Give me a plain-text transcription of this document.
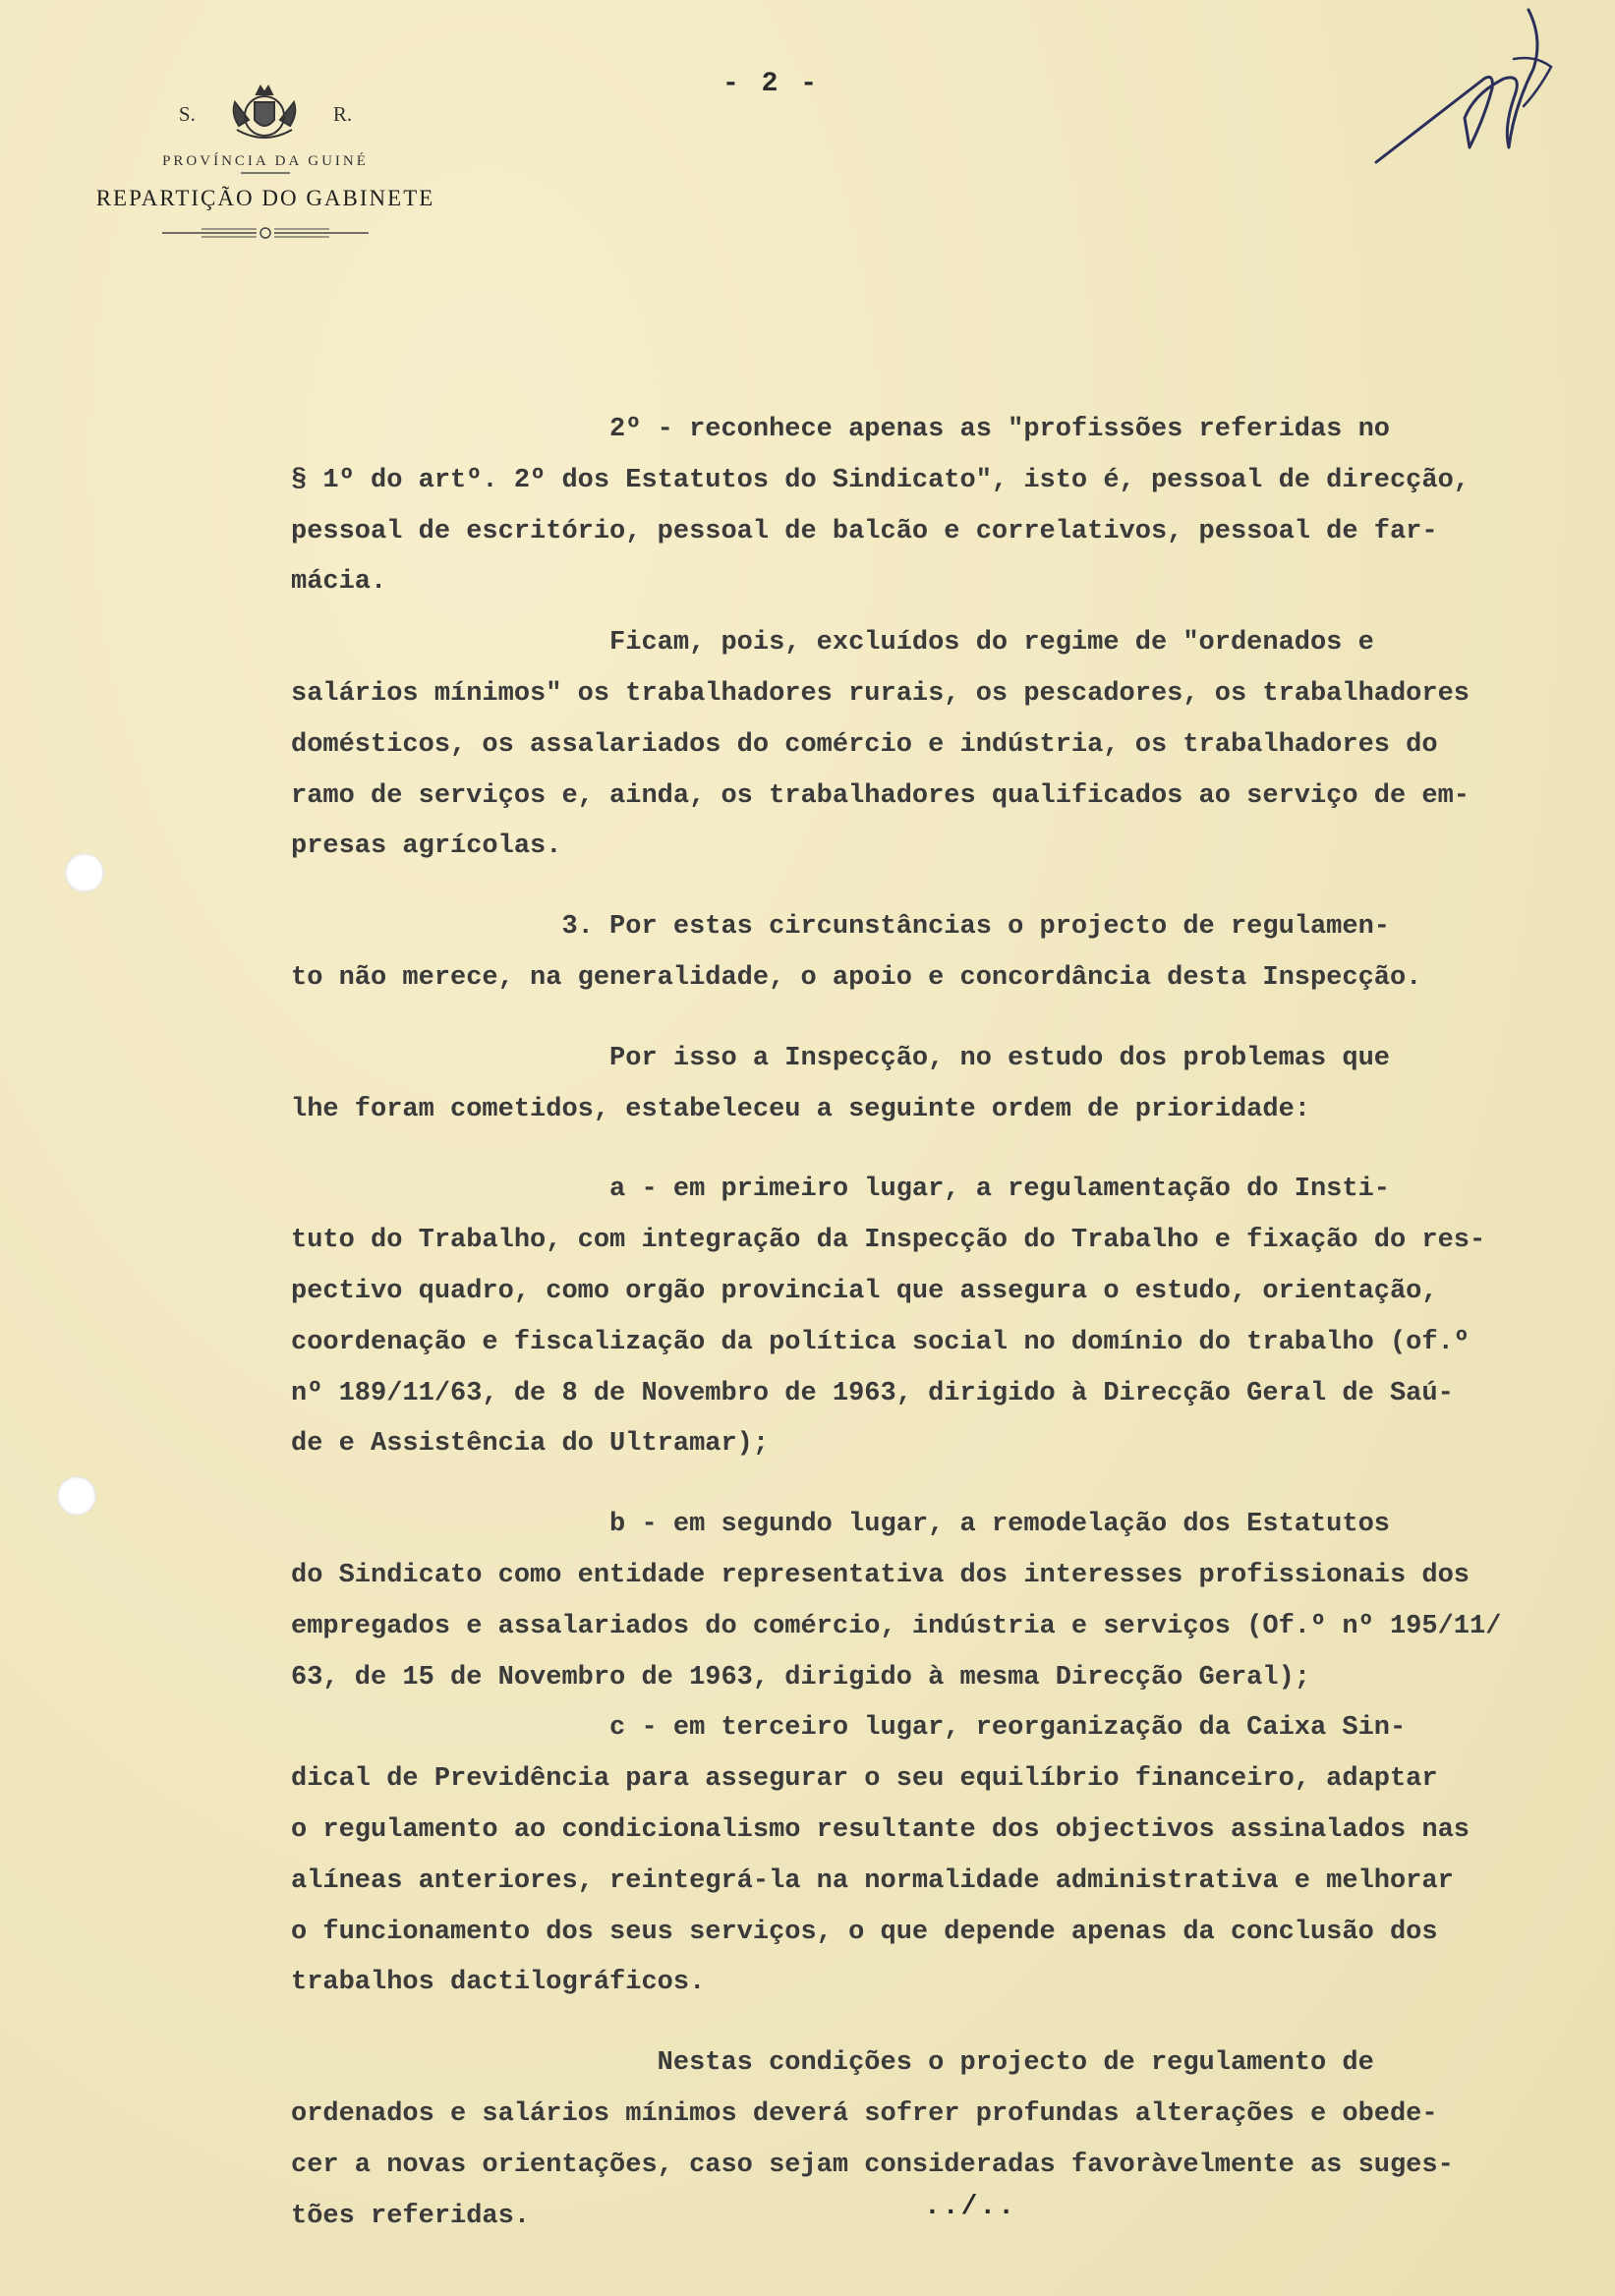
S.	R.
PROVÍNCIA DA GUINÉ
REPARTIÇÃO DO GABINETE
- 2 -
2º - reconhece apenas as "profissões referidas no
§ 1º do artº. 2º dos Estatutos do Sindicato", isto é, pessoal de direcção,
pessoal de escritório, pessoal de balcão e correlativos, pessoal de far-
mácia.
Ficam, pois, excluídos do regime de "ordenados e
salários mínimos" os trabalhadores rurais, os pescadores, os trabalhadores
domésticos, os assalariados do comércio e indústria, os trabalhadores do
ramo de serviços e, ainda, os trabalhadores qualificados ao serviço de em-
presas agrícolas.
3. Por estas circunstâncias o projecto de regulamen-
to não merece, na generalidade, o apoio e concordância desta Inspecção.
Por isso a Inspecção, no estudo dos problemas que
lhe foram cometidos, estabeleceu a seguinte ordem de prioridade:
a - em primeiro lugar, a regulamentação do Insti-
tuto do Trabalho, com integração da Inspecção do Trabalho e fixação do res-
pectivo quadro, como orgão provincial que assegura o estudo, orientação,
coordenação e fiscalização da política social no domínio do trabalho (of.º
nº 189/11/63, de 8 de Novembro de 1963, dirigido à Direcção Geral de Saú-
de e Assistência do Ultramar);
b - em segundo lugar, a remodelação dos Estatutos
do Sindicato como entidade representativa dos interesses profissionais dos
empregados e assalariados do comércio, indústria e serviços (Of.º nº 195/11/
63, de 15 de Novembro de 1963, dirigido à mesma Direcção Geral);
c - em terceiro lugar, reorganização da Caixa Sin-
dical de Previdência para assegurar o seu equilíbrio financeiro, adaptar
o regulamento ao condicionalismo resultante dos objectivos assinalados nas
alíneas anteriores, reintegrá-la na normalidade administrativa e melhorar
o funcionamento dos seus serviços, o que depende apenas da conclusão dos
trabalhos dactilográficos.
Nestas condições o projecto de regulamento de
ordenados e salários mínimos deverá sofrer profundas alterações e obede-
cer a novas orientações, caso sejam consideradas favoràvelmente as suges-
tões referidas.	../..
